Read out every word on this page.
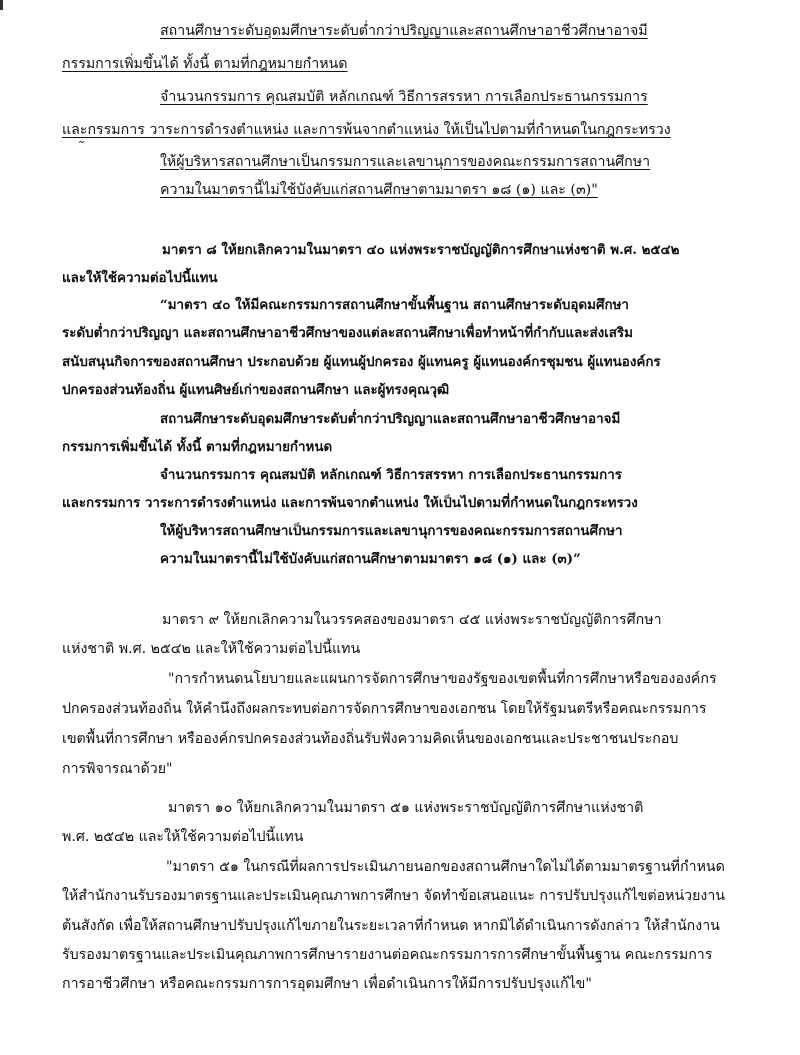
สถานศึกษาระดับอุดมศึกษาระดับต่ำกว่าปริญญาและสถานศึกษาอาชีวศึกษาอาจมี
กรรมการเพิ่มขึ้นได้ ทั้งนี้ ตามที่กฎหมายกำหนด
จำนวนกรรมการ คุณสมบัติ หลักเกณฑ์ วิธีการสรรหา การเลือกประธานกรรมการ
และกรรมการ วาระการดำรงตำแหน่ง และการพ้นจากตำแหน่ง ให้เป็นไปตามที่กำหนดในกฎกระทรวง
˜
ให้ผู้บริหารสถานศึกษาเป็นกรรมการและเลขานุการของคณะกรรมการสถานศึกษา
ความในมาตรานี้ไม่ใช้บังคับแก่สถานศึกษาตามมาตรา ๑๘ (๑) และ (๓)"
มาตรา ๘ ให้ยกเลิกความในมาตรา ๔๐ แห่งพระราชบัญญัติการศึกษาแห่งชาติ พ.ศ. ๒๕๔๒
และให้ใช้ความต่อไปนี้แทน
“มาตรา ๔๐ ให้มีคณะกรรมการสถานศึกษาขั้นพื้นฐาน สถานศึกษาระดับอุดมศึกษา
ระดับต่ำกว่าปริญญา และสถานศึกษาอาชีวศึกษาของแต่ละสถานศึกษาเพื่อทำหน้าที่กำกับและส่งเสริม
สนับสนุนกิจการของสถานศึกษา ประกอบด้วย ผู้แทนผู้ปกครอง ผู้แทนครู ผู้แทนองค์กรชุมชน ผู้แทนองค์กร
ปกครองส่วนท้องถิ่น ผู้แทนศิษย์เก่าของสถานศึกษา และผู้ทรงคุณวุฒิ
สถานศึกษาระดับอุดมศึกษาระดับต่ำกว่าปริญญาและสถานศึกษาอาชีวศึกษาอาจมี
กรรมการเพิ่มขึ้นได้ ทั้งนี้ ตามที่กฎหมายกำหนด
จำนวนกรรมการ คุณสมบัติ หลักเกณฑ์ วิธีการสรรหา การเลือกประธานกรรมการ
และกรรมการ วาระการดำรงตำแหน่ง และการพ้นจากตำแหน่ง ให้เป็นไปตามที่กำหนดในกฎกระทรวง
ให้ผู้บริหารสถานศึกษาเป็นกรรมการและเลขานุการของคณะกรรมการสถานศึกษา
ความในมาตรานี้ไม่ใช้บังคับแก่สถานศึกษาตามมาตรา ๑๘ (๑) และ (๓)”
มาตรา ๙ ให้ยกเลิกความในวรรคสองของมาตรา ๔๕ แห่งพระราชบัญญัติการศึกษา
แห่งชาติ พ.ศ. ๒๕๔๒ และให้ใช้ความต่อไปนี้แทน
"การกำหนดนโยบายและแผนการจัดการศึกษาของรัฐของเขตพื้นที่การศึกษาหรือขององค์กร
ปกครองส่วนท้องถิ่น ให้คำนึงถึงผลกระทบต่อการจัดการศึกษาของเอกชน โดยให้รัฐมนตรีหรือคณะกรรมการ
เขตพื้นที่การศึกษา หรือองค์กรปกครองส่วนท้องถิ่นรับฟังความคิดเห็นของเอกชนและประชาชนประกอบ
การพิจารณาด้วย"
มาตรา ๑๐ ให้ยกเลิกความในมาตรา ๕๑ แห่งพระราชบัญญัติการศึกษาแห่งชาติ
พ.ศ. ๒๕๔๒ และให้ใช้ความต่อไปนี้แทน
"มาตรา ๕๑ ในกรณีที่ผลการประเมินภายนอกของสถานศึกษาใดไม่ได้ตามมาตรฐานที่กำหนด
ให้สำนักงานรับรองมาตรฐานและประเมินคุณภาพการศึกษา จัดทำข้อเสนอแนะ การปรับปรุงแก้ไขต่อหน่วยงาน
ต้นสังกัด เพื่อให้สถานศึกษาปรับปรุงแก้ไขภายในระยะเวลาที่กำหนด หากมิได้ดำเนินการดังกล่าว ให้สำนักงาน
รับรองมาตรฐานและประเมินคุณภาพการศึกษารายงานต่อคณะกรรมการการศึกษาขั้นพื้นฐาน คณะกรรมการ
การอาชีวศึกษา หรือคณะกรรมการการอุดมศึกษา เพื่อดำเนินการให้มีการปรับปรุงแก้ไข"
